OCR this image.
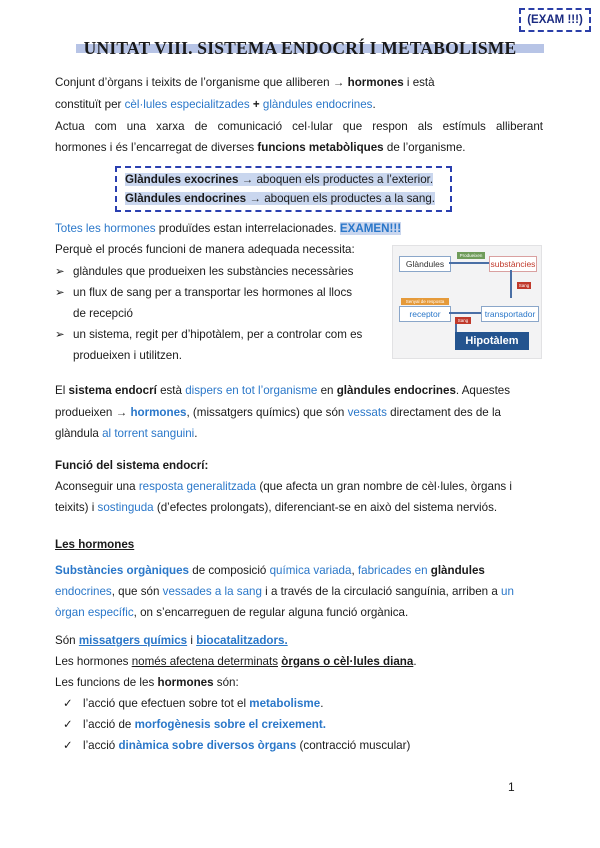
(EXAM !!!)
UNITAT VIII. SISTEMA ENDOCRÍ I METABOLISME
Conjunt d’òrgans i teixits de l’organisme que alliberen → hormones i està
constituït per cèl·lules especialitzades + glàndules endocrines.
Actua com una xarxa de comunicació cel·lular que respon als estímuls alliberant
hormones i és l’encarregat de diverses funcions metabòliques de l’organisme.
Glàndules exocrines → aboquen els productes a l’exterior.
Glàndules endocrines → aboquen els productes a la sang.
Totes les hormones produïdes estan interrelacionades. EXAMEN!!!
Perquè el procés funcioni de manera adequada necessita:
➢ glàndules que produeixen les substàncies necessàries
➢ un flux de sang per a transportar les hormones al llocs
de recepció
➢ un sistema, regit per d’hipotàlem, per a controlar com es
produeixen i utilitzen.
Glàndules	substàncies
Produeixen
Sang
Senyal de resposta
receptor	transportador
Sang
Hipotàlem
El sistema endocrí està dispers en tot l’organisme en glàndules endocrines. Aquestes
produeixen → hormones, (missatgers químics) que són vessats directament des de la
glàndula al torrent sanguini.
Funció del sistema endocrí:
Aconseguir una resposta generalitzada (que afecta un gran nombre de cèl·lules, òrgans i
teixits) i sostinguda (d’efectes prolongats), diferenciant-se en això del sistema nerviós.
Les hormones
Substàncies orgàniques de composició química variada, fabricades en glàndules
endocrines, que són vessades a la sang i a través de la circulació sanguínia, arriben a un
òrgan específic, on s’encarreguen de regular alguna funció orgànica.
Són missatgers químics i biocatalitzadors.
Les hormones només afectena determinats òrgans o cèl·lules diana.
Les funcions de les hormones són:
✓ l’acció que efectuen sobre tot el metabolisme.
✓ l’acció de morfogènesis sobre el creixement.
✓ l’acció dinàmica sobre diversos òrgans (contracció muscular)
1
